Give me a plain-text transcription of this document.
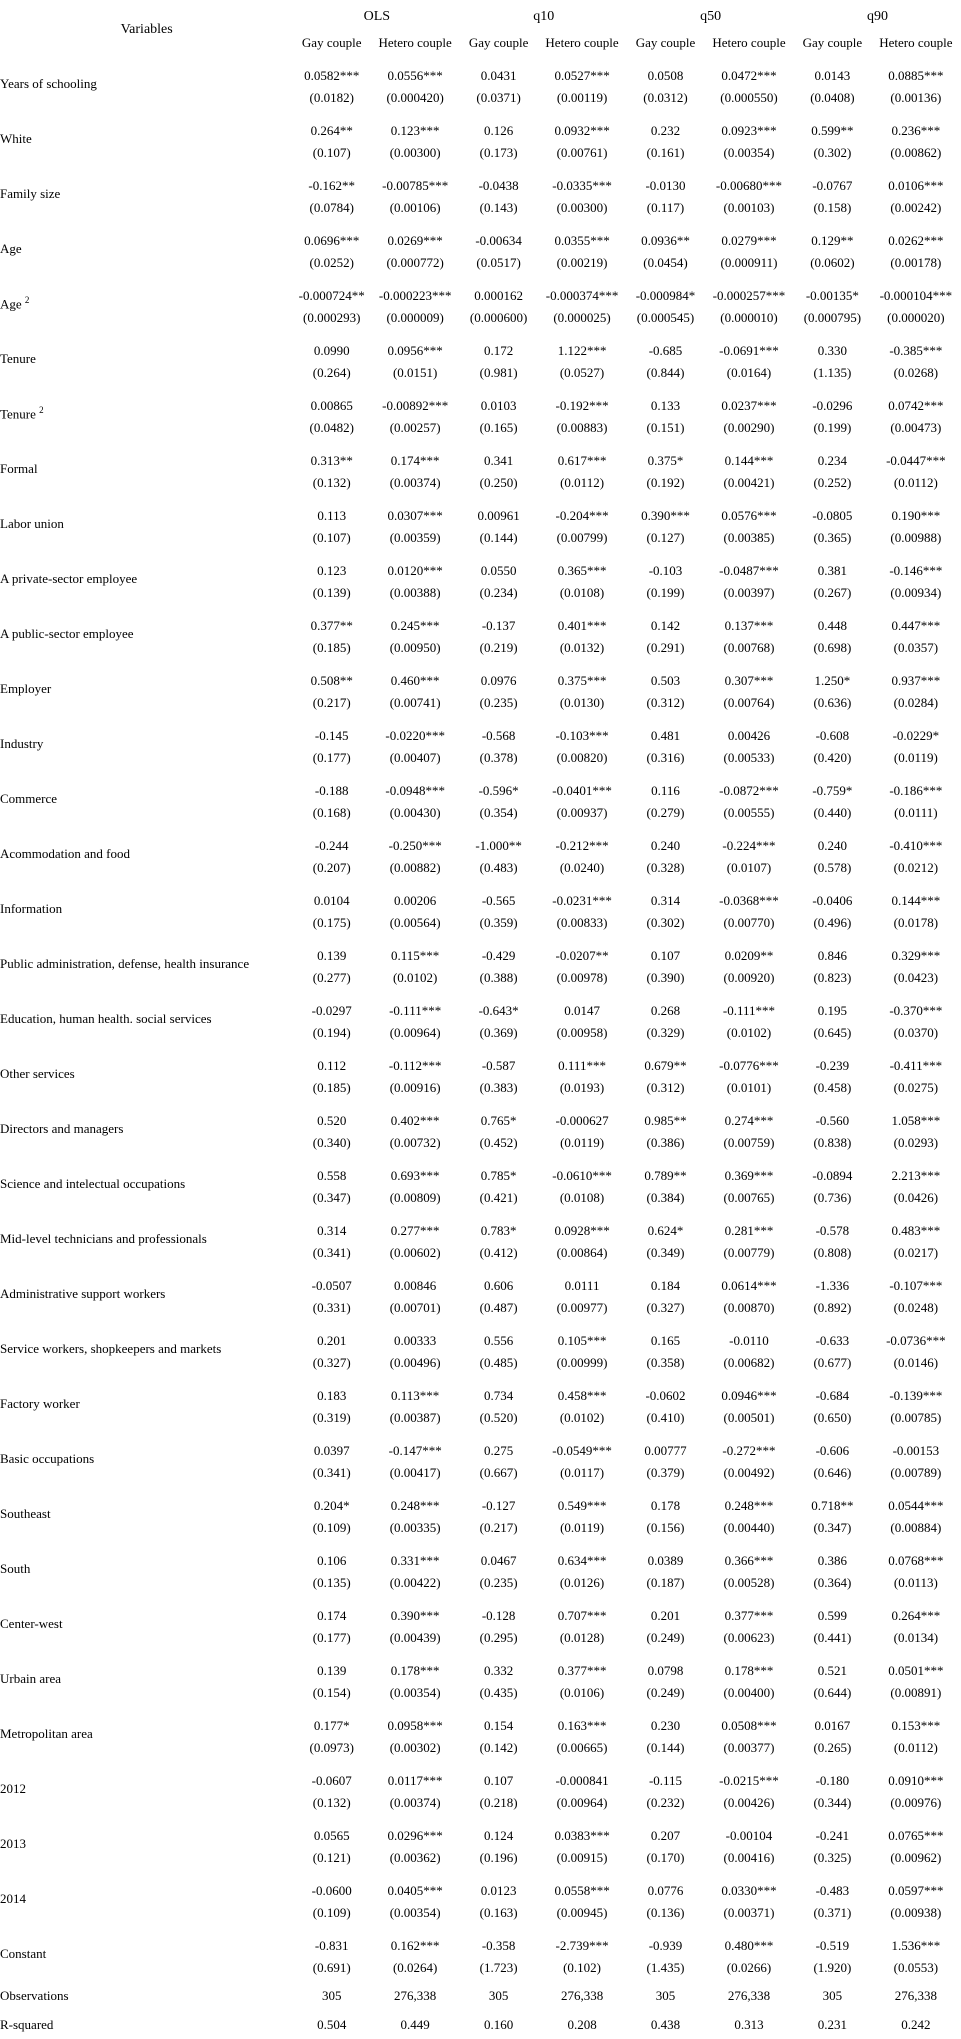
Variables	OLS		q10		q50		q90	
	Gay couple	Hetero couple	Gay couple	Hetero couple	Gay couple	Hetero couple	Gay couple	Hetero couple
Years of schooling	0.0582***	0.0556***	0.0431	0.0527***	0.0508	0.0472***	0.0143	0.0885***
	(0.0182)	(0.000420)	(0.0371)	(0.00119)	(0.0312)	(0.000550)	(0.0408)	(0.00136)
White	0.264**	0.123***	0.126	0.0932***	0.232	0.0923***	0.599**	0.236***
	(0.107)	(0.00300)	(0.173)	(0.00761)	(0.161)	(0.00354)	(0.302)	(0.00862)
Family size	-0.162**	-0.00785***	-0.0438	-0.0335***	-0.0130	-0.00680***	-0.0767	0.0106***
	(0.0784)	(0.00106)	(0.143)	(0.00300)	(0.117)	(0.00103)	(0.158)	(0.00242)
Age	0.0696***	0.0269***	-0.00634	0.0355***	0.0936**	0.0279***	0.129**	0.0262***
	(0.0252)	(0.000772)	(0.0517)	(0.00219)	(0.0454)	(0.000911)	(0.0602)	(0.00178)
Age $^2$	-0.000724**	-0.000223***	0.000162	-0.000374***	-0.000984*	-0.000257***	-0.00135*	-0.000104***
	(0.000293)	(0.000009)	(0.000600)	(0.000025)	(0.000545)	(0.000010)	(0.000795)	(0.000020)
Tenure	0.0990	0.0956***	0.172	1.122***	-0.685	-0.0691***	0.330	-0.385***
	(0.264)	(0.0151)	(0.981)	(0.0527)	(0.844)	(0.0164)	(1.135)	(0.0268)
Tenure $^2$	0.00865	-0.00892***	0.0103	-0.192***	0.133	0.0237***	-0.0296	0.0742***
	(0.0482)	(0.00257)	(0.165)	(0.00883)	(0.151)	(0.00290)	(0.199)	(0.00473)
Formal	0.313**	0.174***	0.341	0.617***	0.375*	0.144***	0.234	-0.0447***
	(0.132)	(0.00374)	(0.250)	(0.0112)	(0.192)	(0.00421)	(0.252)	(0.0112)
Labor union	0.113	0.0307***	0.00961	-0.204***	0.390***	0.0576***	-0.0805	0.190***
	(0.107)	(0.00359)	(0.144)	(0.00799)	(0.127)	(0.00385)	(0.365)	(0.00988)
A private-sector employee	0.123	0.0120***	0.0550	0.365***	-0.103	-0.0487***	0.381	-0.146***
	(0.139)	(0.00388)	(0.234)	(0.0108)	(0.199)	(0.00397)	(0.267)	(0.00934)
A public-sector employee	0.377**	0.245***	-0.137	0.401***	0.142	0.137***	0.448	0.447***
	(0.185)	(0.00950)	(0.219)	(0.0132)	(0.291)	(0.00768)	(0.698)	(0.0357)
Employer	0.508**	0.460***	0.0976	0.375***	0.503	0.307***	1.250*	0.937***
	(0.217)	(0.00741)	(0.235)	(0.0130)	(0.312)	(0.00764)	(0.636)	(0.0284)
Industry	-0.145	-0.0220***	-0.568	-0.103***	0.481	0.00426	-0.608	-0.0229*
	(0.177)	(0.00407)	(0.378)	(0.00820)	(0.316)	(0.00533)	(0.420)	(0.0119)
Commerce	-0.188	-0.0948***	-0.596*	-0.0401***	0.116	-0.0872***	-0.759*	-0.186***
	(0.168)	(0.00430)	(0.354)	(0.00937)	(0.279)	(0.00555)	(0.440)	(0.0111)
Acommodation and food	-0.244	-0.250***	-1.000**	-0.212***	0.240	-0.224***	0.240	-0.410***
	(0.207)	(0.00882)	(0.483)	(0.0240)	(0.328)	(0.0107)	(0.578)	(0.0212)
Information	0.0104	0.00206	-0.565	-0.0231***	0.314	-0.0368***	-0.0406	0.144***
	(0.175)	(0.00564)	(0.359)	(0.00833)	(0.302)	(0.00770)	(0.496)	(0.0178)
Public administration, defense, health insurance	0.139	0.115***	-0.429	-0.0207**	0.107	0.0209**	0.846	0.329***
	(0.277)	(0.0102)	(0.388)	(0.00978)	(0.390)	(0.00920)	(0.823)	(0.0423)
Education, human health. social services	-0.0297	-0.111***	-0.643*	0.0147	0.268	-0.111***	0.195	-0.370***
	(0.194)	(0.00964)	(0.369)	(0.00958)	(0.329)	(0.0102)	(0.645)	(0.0370)
Other services	0.112	-0.112***	-0.587	0.111***	0.679**	-0.0776***	-0.239	-0.411***
	(0.185)	(0.00916)	(0.383)	(0.0193)	(0.312)	(0.0101)	(0.458)	(0.0275)
Directors and managers	0.520	0.402***	0.765*	-0.000627	0.985**	0.274***	-0.560	1.058***
	(0.340)	(0.00732)	(0.452)	(0.0119)	(0.386)	(0.00759)	(0.838)	(0.0293)
Science and intelectual occupations	0.558	0.693***	0.785*	-0.0610***	0.789**	0.369***	-0.0894	2.213***
	(0.347)	(0.00809)	(0.421)	(0.0108)	(0.384)	(0.00765)	(0.736)	(0.0426)
Mid-level technicians and professionals	0.314	0.277***	0.783*	0.0928***	0.624*	0.281***	-0.578	0.483***
	(0.341)	(0.00602)	(0.412)	(0.00864)	(0.349)	(0.00779)	(0.808)	(0.0217)
Administrative support workers	-0.0507	0.00846	0.606	0.0111	0.184	0.0614***	-1.336	-0.107***
	(0.331)	(0.00701)	(0.487)	(0.00977)	(0.327)	(0.00870)	(0.892)	(0.0248)
Service workers, shopkeepers and markets	0.201	0.00333	0.556	0.105***	0.165	-0.0110	-0.633	-0.0736***
	(0.327)	(0.00496)	(0.485)	(0.00999)	(0.358)	(0.00682)	(0.677)	(0.0146)
Factory worker	0.183	0.113***	0.734	0.458***	-0.0602	0.0946***	-0.684	-0.139***
	(0.319)	(0.00387)	(0.520)	(0.0102)	(0.410)	(0.00501)	(0.650)	(0.00785)
Basic occupations	0.0397	-0.147***	0.275	-0.0549***	0.00777	-0.272***	-0.606	-0.00153
	(0.341)	(0.00417)	(0.667)	(0.0117)	(0.379)	(0.00492)	(0.646)	(0.00789)
Southeast	0.204*	0.248***	-0.127	0.549***	0.178	0.248***	0.718**	0.0544***
	(0.109)	(0.00335)	(0.217)	(0.0119)	(0.156)	(0.00440)	(0.347)	(0.00884)
South	0.106	0.331***	0.0467	0.634***	0.0389	0.366***	0.386	0.0768***
	(0.135)	(0.00422)	(0.235)	(0.0126)	(0.187)	(0.00528)	(0.364)	(0.0113)
Center-west	0.174	0.390***	-0.128	0.707***	0.201	0.377***	0.599	0.264***
	(0.177)	(0.00439)	(0.295)	(0.0128)	(0.249)	(0.00623)	(0.441)	(0.0134)
Urbain area	0.139	0.178***	0.332	0.377***	0.0798	0.178***	0.521	0.0501***
	(0.154)	(0.00354)	(0.435)	(0.0106)	(0.249)	(0.00400)	(0.644)	(0.00891)
Metropolitan area	0.177*	0.0958***	0.154	0.163***	0.230	0.0508***	0.0167	0.153***
	(0.0973)	(0.00302)	(0.142)	(0.00665)	(0.144)	(0.00377)	(0.265)	(0.0112)
2012	-0.0607	0.0117***	0.107	-0.000841	-0.115	-0.0215***	-0.180	0.0910***
	(0.132)	(0.00374)	(0.218)	(0.00964)	(0.232)	(0.00426)	(0.344)	(0.00976)
2013	0.0565	0.0296***	0.124	0.0383***	0.207	-0.00104	-0.241	0.0765***
	(0.121)	(0.00362)	(0.196)	(0.00915)	(0.170)	(0.00416)	(0.325)	(0.00962)
2014	-0.0600	0.0405***	0.0123	0.0558***	0.0776	0.0330***	-0.483	0.0597***
	(0.109)	(0.00354)	(0.163)	(0.00945)	(0.136)	(0.00371)	(0.371)	(0.00938)
Constant	-0.831	0.162***	-0.358	-2.739***	-0.939	0.480***	-0.519	1.536***
	(0.691)	(0.0264)	(1.723)	(0.102)	(1.435)	(0.0266)	(1.920)	(0.0553)
Observations	305	276,338	305	276,338	305	276,338	305	276,338
R-squared	0.504	0.449	0.160	0.208	0.438	0.313	0.231	0.242
